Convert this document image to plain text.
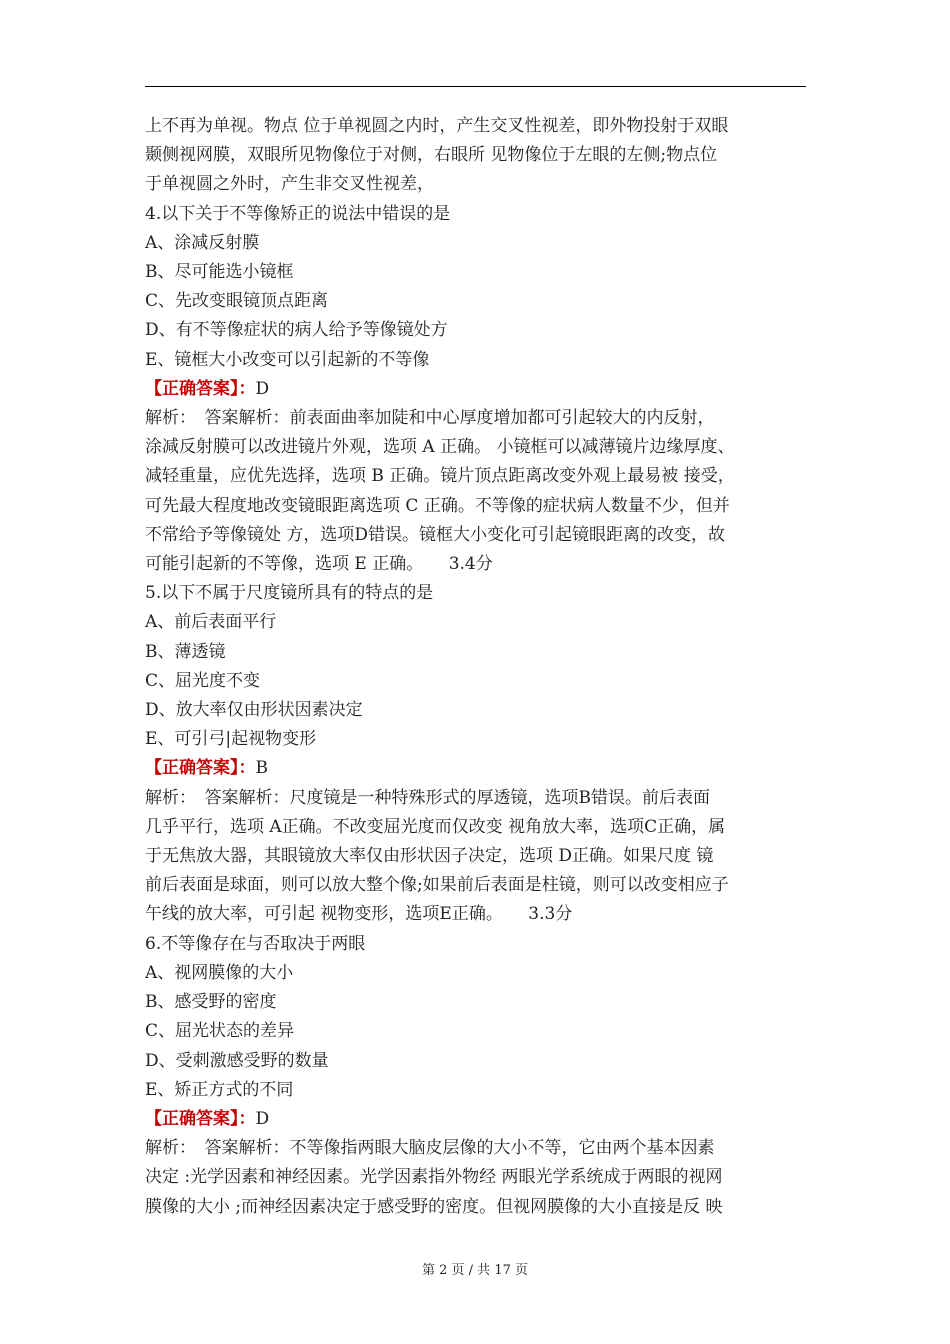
上不再为单视。物点 位于单视圆之内时，产生交叉性视差，即外物投射于双眼
颞侧视网膜，双眼所见物像位于对侧，右眼所 见物像位于左眼的左侧;物点位
于单视圆之外时，产生非交叉性视差，
4.以下关于不等像矫正的说法中错误的是
A、涂减反射膜
B、尽可能选小镜框
C、先改变眼镜顶点距离
D、有不等像症状的病人给予等像镜处方
E、镜框大小改变可以引起新的不等像
【正确答案】：D
解析：　答案解析：前表面曲率加陡和中心厚度增加都可引起较大的内反射，
涂减反射膜可以改进镜片外观，选项 A 正确。 小镜框可以减薄镜片边缘厚度、
减轻重量，应优先选择，选项 B 正确。镜片顶点距离改变外观上最易被 接受，
可先最大程度地改变镜眼距离选项 C 正确。不等像的症状病人数量不少，但并
不常给予等像镜处 方，选项D错误。镜框大小变化可引起镜眼距离的改变，故
可能引起新的不等像，选项 E 正确。　　3.4分
5.以下不属于尺度镜所具有的特点的是
A、前后表面平行
B、薄透镜
C、屈光度不变
D、放大率仅由形状因素决定
E、可引弓|起视物变形
【正确答案】：B
解析：　答案解析：尺度镜是一种特殊形式的厚透镜，选项B错误。前后表面
几乎平行，选项 A正确。不改变屈光度而仅改变 视角放大率，选项C正确，属
于无焦放大器，其眼镜放大率仅由形状因子决定，选项 D正确。如果尺度 镜
前后表面是球面，则可以放大整个像;如果前后表面是柱镜，则可以改变相应子
午线的放大率，可引起 视物变形，选项E正确。　　3.3分
6.不等像存在与否取决于两眼
A、视网膜像的大小
B、感受野的密度
C、屈光状态的差异
D、受刺激感受野的数量
E、矫正方式的不同
【正确答案】：D
解析：　答案解析：不等像指两眼大脑皮层像的大小不等，它由两个基本因素
决定 :光学因素和神经因素。光学因素指外物经 两眼光学系统成于两眼的视网
膜像的大小 ;而神经因素决定于感受野的密度。但视网膜像的大小直接是反 映
第 2 页 / 共 17 页
